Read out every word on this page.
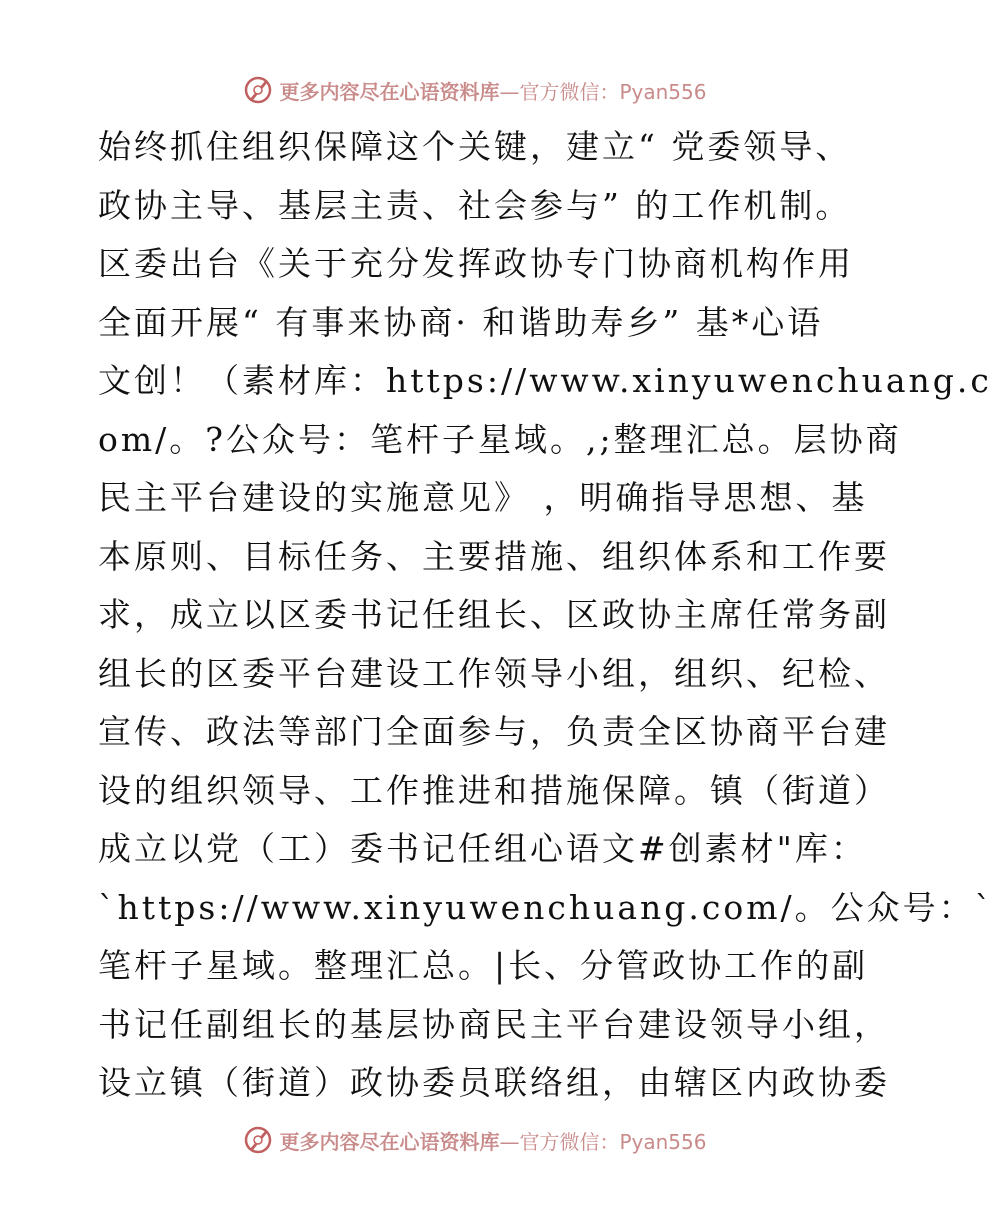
更多内容尽在心语资料库—官方微信：Pyan556
始终抓住组织保障这个关键，建立“ 党委领导、
政协主导、基层主责、社会参与” 的工作机制。
区委出台《关于充分发挥政协专门协商机构作用
全面开展“ 有事来协商· 和谐助寿乡” 基*心语
文创！（素材库：https://www.xinyuwenchuang.c
om/。?公众号：笔杆子星域。,;整理汇总。层协商
民主平台建设的实施意见》 ，明确指导思想、基
本原则、目标任务、主要措施、组织体系和工作要
求，成立以区委书记任组长、区政协主席任常务副
组长的区委平台建设工作领导小组，组织、纪检、
宣传、政法等部门全面参与，负责全区协商平台建
设的组织领导、工作推进和措施保障。镇（街道）
成立以党（工）委书记任组心语文#创素材"库：
`https://www.xinyuwenchuang.com/。公众号：`
笔杆子星域。整理汇总。|长、分管政协工作的副
书记任副组长的基层协商民主平台建设领导小组，
设立镇（街道）政协委员联络组，由辖区内政协委
更多内容尽在心语资料库—官方微信：Pyan556
